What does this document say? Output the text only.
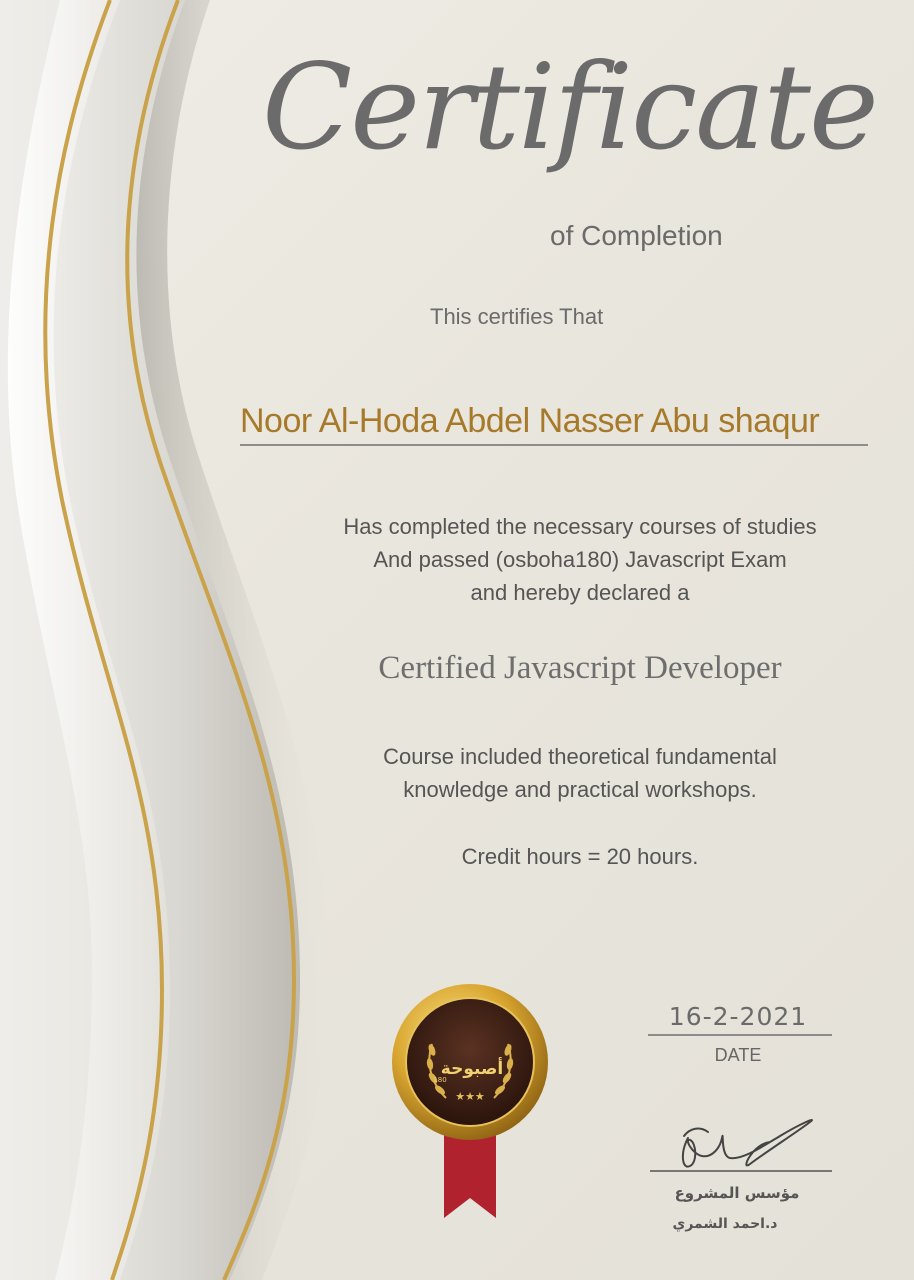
Certificate
of Completion
This certifies That
Noor Al-Hoda Abdel Nasser Abu shaqur
Has completed the necessary courses of studies
And passed (osboha180) Javascript Exam
and hereby declared a
Certified Javascript Developer
Course included theoretical fundamental
knowledge and practical workshops.
Credit hours = 20 hours.
أصبوحة
180
★★★
16-2-2021
DATE
مؤسس المشروع
د.احمد الشمري
